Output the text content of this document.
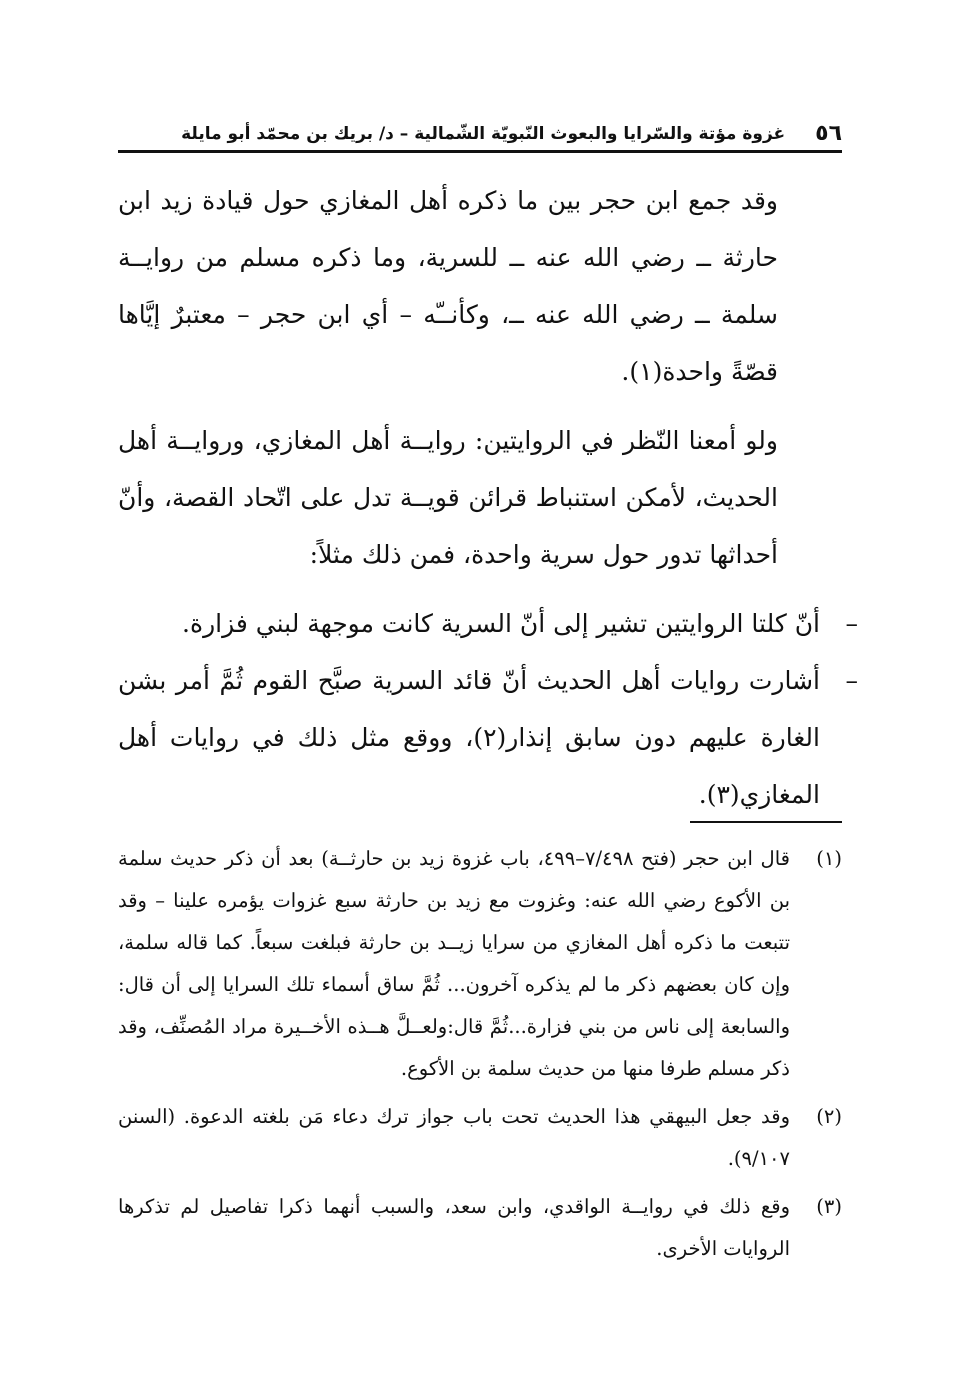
٥٦
غزوة مؤتة والسّرايا والبعوث النّبويّة الشّمالية – د/ بريك بن محمّد أبو مايلة

وقد جمع ابن حجر بين ما ذكره أهل المغازي حول قيادة زيد ابن حارثة ــ رضي الله عنه ــ للسرية، وما ذكره مسلم من روايــة سلمة ــ رضي الله عنه ــ، وكأنــّه – أي ابن حجر – معتبرٌ إيَّاها قصّةً واحدة(١).

ولو أمعنا النّظر في الروايتين: روايــة أهل المغازي، وروايــة أهل الحديث، لأمكن استنباط قرائن قويــة تدل على اتّحاد القصة، وأنّ أحداثها تدور حول سرية واحدة، فمن ذلك مثلاً:

–
أنّ كلتا الروايتين تشير إلى أنّ السرية كانت موجهة لبني فزارة.
–
أشارت روايات أهل الحديث أنّ قائد السرية صبَّح القوم ثُمَّ أمر بشن الغارة عليهم دون سابق إنذار(٢)، ووقع مثل ذلك في روايات أهل المغازي(٣).
(١)
قال ابن حجر (فتح ٧/٤٩٨–٤٩٩، باب غزوة زيد بن حارثــة) بعد أن ذكر حديث سلمة بن الأكوع رضي الله عنه: وغزوت مع زيد بن حارثة سبع غزوات يؤمره علينا – وقد تتبعت ما ذكره أهل المغازي من سرايا زيــد بن حارثة فبلغت سبعاً. كما قاله سلمة، وإن كان بعضهم ذكر ما لم يذكره آخرون... ثُمَّ ساق أسماء تلك السرايا إلى أن قال: والسابعة إلى ناس من بني فزارة...ثُمَّ قال:ولعــلَّ هــذه الأخــيرة مراد المُصنِّف، وقد ذكر مسلم طرفا منها من حديث سلمة بن الأكوع.
(٢)
وقد جعل البيهقي هذا الحديث تحت باب جواز ترك دعاء مَن بلغته الدعوة. (السنن ٩/١٠٧).
(٣)
وقع ذلك في روايــة الواقدي، وابن سعد، والسبب أنهما ذكرا تفاصيل لم تذكرها الروايات الأخرى.
